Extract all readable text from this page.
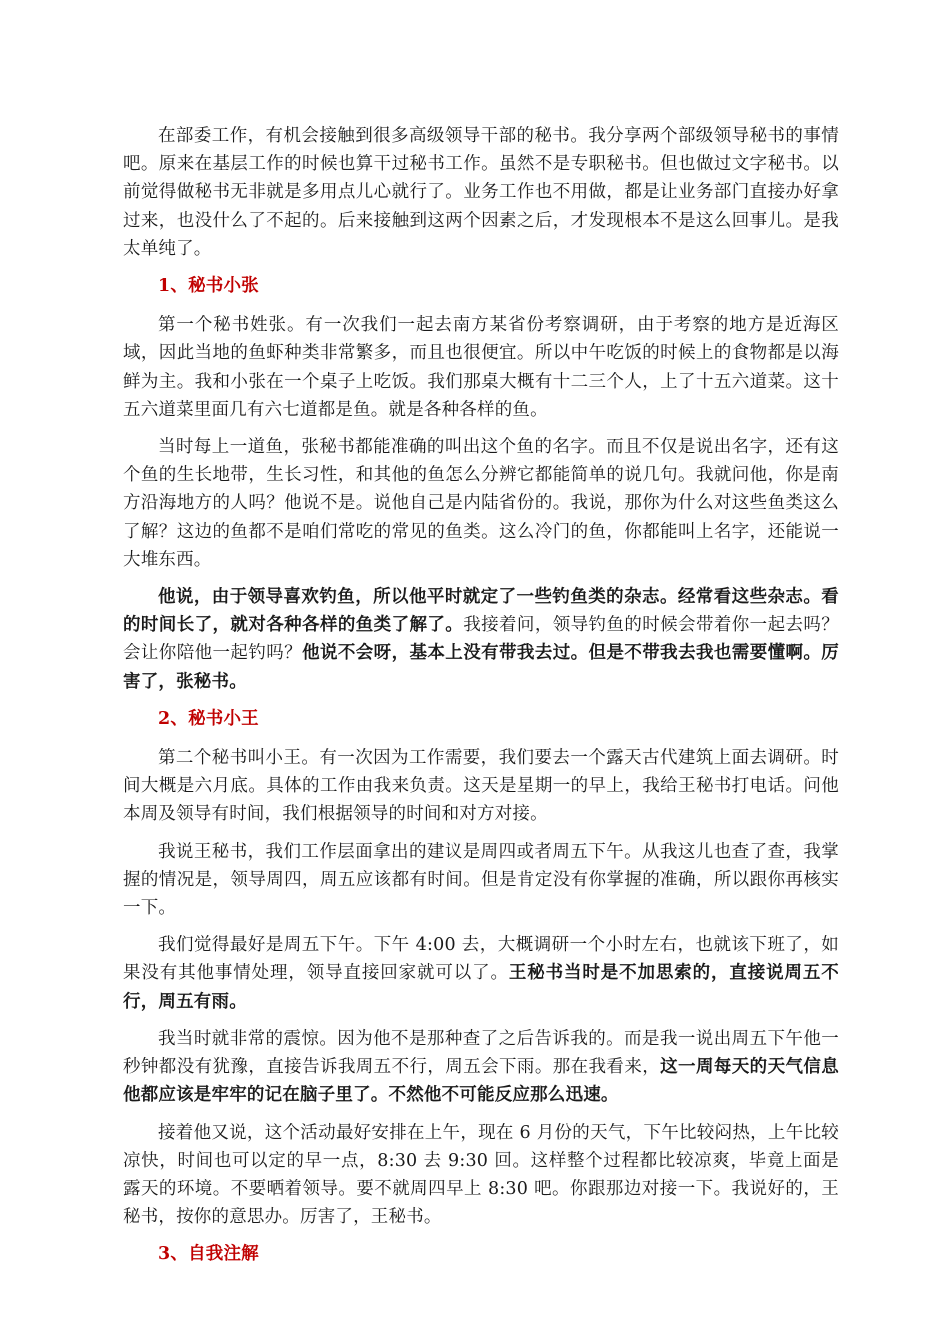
在部委工作，有机会接触到很多高级领导干部的秘书。我分享两个部级领导秘书的事情吧。原来在基层工作的时候也算干过秘书工作。虽然不是专职秘书。但也做过文字秘书。以前觉得做秘书无非就是多用点儿心就行了。业务工作也不用做，都是让业务部门直接办好拿过来，也没什么了不起的。后来接触到这两个因素之后，才发现根本不是这么回事儿。是我太单纯了。

1、秘书小张

第一个秘书姓张。有一次我们一起去南方某省份考察调研，由于考察的地方是近海区域，因此当地的鱼虾种类非常繁多，而且也很便宜。所以中午吃饭的时候上的食物都是以海鲜为主。我和小张在一个桌子上吃饭。我们那桌大概有十二三个人，上了十五六道菜。这十五六道菜里面几有六七道都是鱼。就是各种各样的鱼。

当时每上一道鱼，张秘书都能准确的叫出这个鱼的名字。而且不仅是说出名字，还有这个鱼的生长地带，生长习性，和其他的鱼怎么分辨它都能简单的说几句。我就问他，你是南方沿海地方的人吗？他说不是。说他自己是内陆省份的。我说，那你为什么对这些鱼类这么了解？这边的鱼都不是咱们常吃的常见的鱼类。这么冷门的鱼，你都能叫上名字，还能说一大堆东西。

他说，由于领导喜欢钓鱼，所以他平时就定了一些钓鱼类的杂志。经常看这些杂志。看的时间长了，就对各种各样的鱼类了解了。我接着问，领导钓鱼的时候会带着你一起去吗？会让你陪他一起钓吗？他说不会呀，基本上没有带我去过。但是不带我去我也需要懂啊。厉害了，张秘书。

2、秘书小王

第二个秘书叫小王。有一次因为工作需要，我们要去一个露天古代建筑上面去调研。时间大概是六月底。具体的工作由我来负责。这天是星期一的早上，我给王秘书打电话。问他本周及领导有时间，我们根据领导的时间和对方对接。

我说王秘书，我们工作层面拿出的建议是周四或者周五下午。从我这儿也查了查，我掌握的情况是，领导周四，周五应该都有时间。但是肯定没有你掌握的准确，所以跟你再核实一下。

我们觉得最好是周五下午。下午 4:00 去，大概调研一个小时左右，也就该下班了，如果没有其他事情处理，领导直接回家就可以了。王秘书当时是不加思索的，直接说周五不行，周五有雨。

我当时就非常的震惊。因为他不是那种查了之后告诉我的。而是我一说出周五下午他一秒钟都没有犹豫，直接告诉我周五不行，周五会下雨。那在我看来，这一周每天的天气信息他都应该是牢牢的记在脑子里了。不然他不可能反应那么迅速。

接着他又说，这个活动最好安排在上午，现在 6 月份的天气，下午比较闷热，上午比较凉快，时间也可以定的早一点，8:30 去 9:30 回。这样整个过程都比较凉爽，毕竟上面是露天的环境。不要晒着领导。要不就周四早上 8:30 吧。你跟那边对接一下。我说好的，王秘书，按你的意思办。厉害了，王秘书。

3、自我注解
